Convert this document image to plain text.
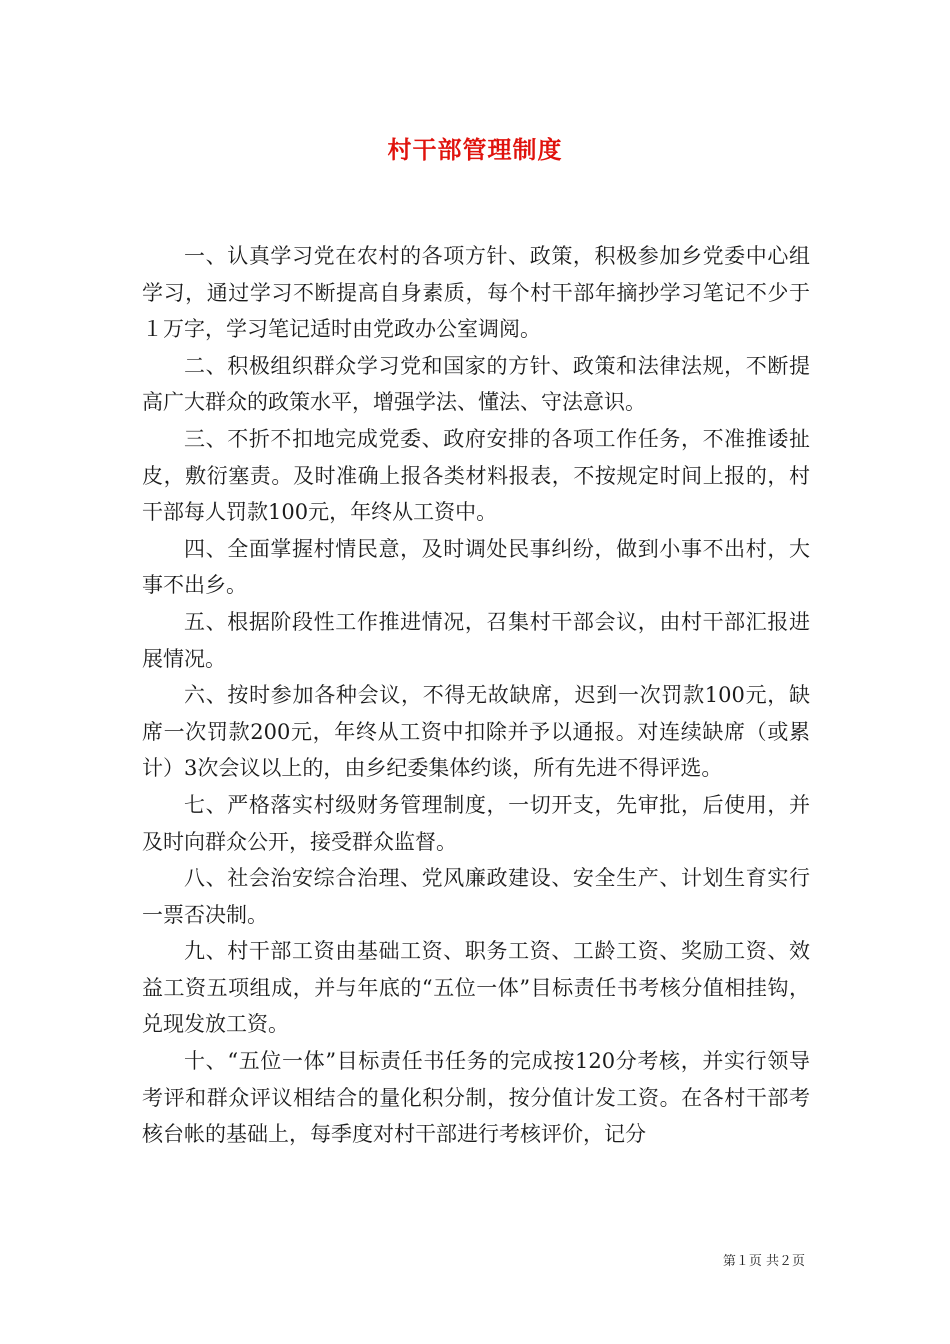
村干部管理制度

一、认真学习党在农村的各项方针、政策，积极参加乡党委中心组学习，通过学习不断提高自身素质，每个村干部年摘抄学习笔记不少于１万字，学习笔记适时由党政办公室调阅。

二、积极组织群众学习党和国家的方针、政策和法律法规，不断提高广大群众的政策水平，增强学法、懂法、守法意识。

三、不折不扣地完成党委、政府安排的各项工作任务，不准推诿扯皮，敷衍塞责。及时准确上报各类材料报表，不按规定时间上报的，村干部每人罚款100元，年终从工资中。

四、全面掌握村情民意，及时调处民事纠纷，做到小事不出村，大事不出乡。

五、根据阶段性工作推进情况，召集村干部会议，由村干部汇报进展情况。

六、按时参加各种会议，不得无故缺席，迟到一次罚款100元，缺席一次罚款200元，年终从工资中扣除并予以通报。对连续缺席（或累计）3次会议以上的，由乡纪委集体约谈，所有先进不得评选。

七、严格落实村级财务管理制度，一切开支，先审批，后使用，并及时向群众公开，接受群众监督。

八、社会治安综合治理、党风廉政建设、安全生产、计划生育实行一票否决制。

九、村干部工资由基础工资、职务工资、工龄工资、奖励工资、效益工资五项组成，并与年底的“五位一体”目标责任书考核分值相挂钩，兑现发放工资。

十、“五位一体”目标责任书任务的完成按120分考核，并实行领导考评和群众评议相结合的量化积分制，按分值计发工资。在各村干部考核台帐的基础上，每季度对村干部进行考核评价，记分

第１页 共２页
